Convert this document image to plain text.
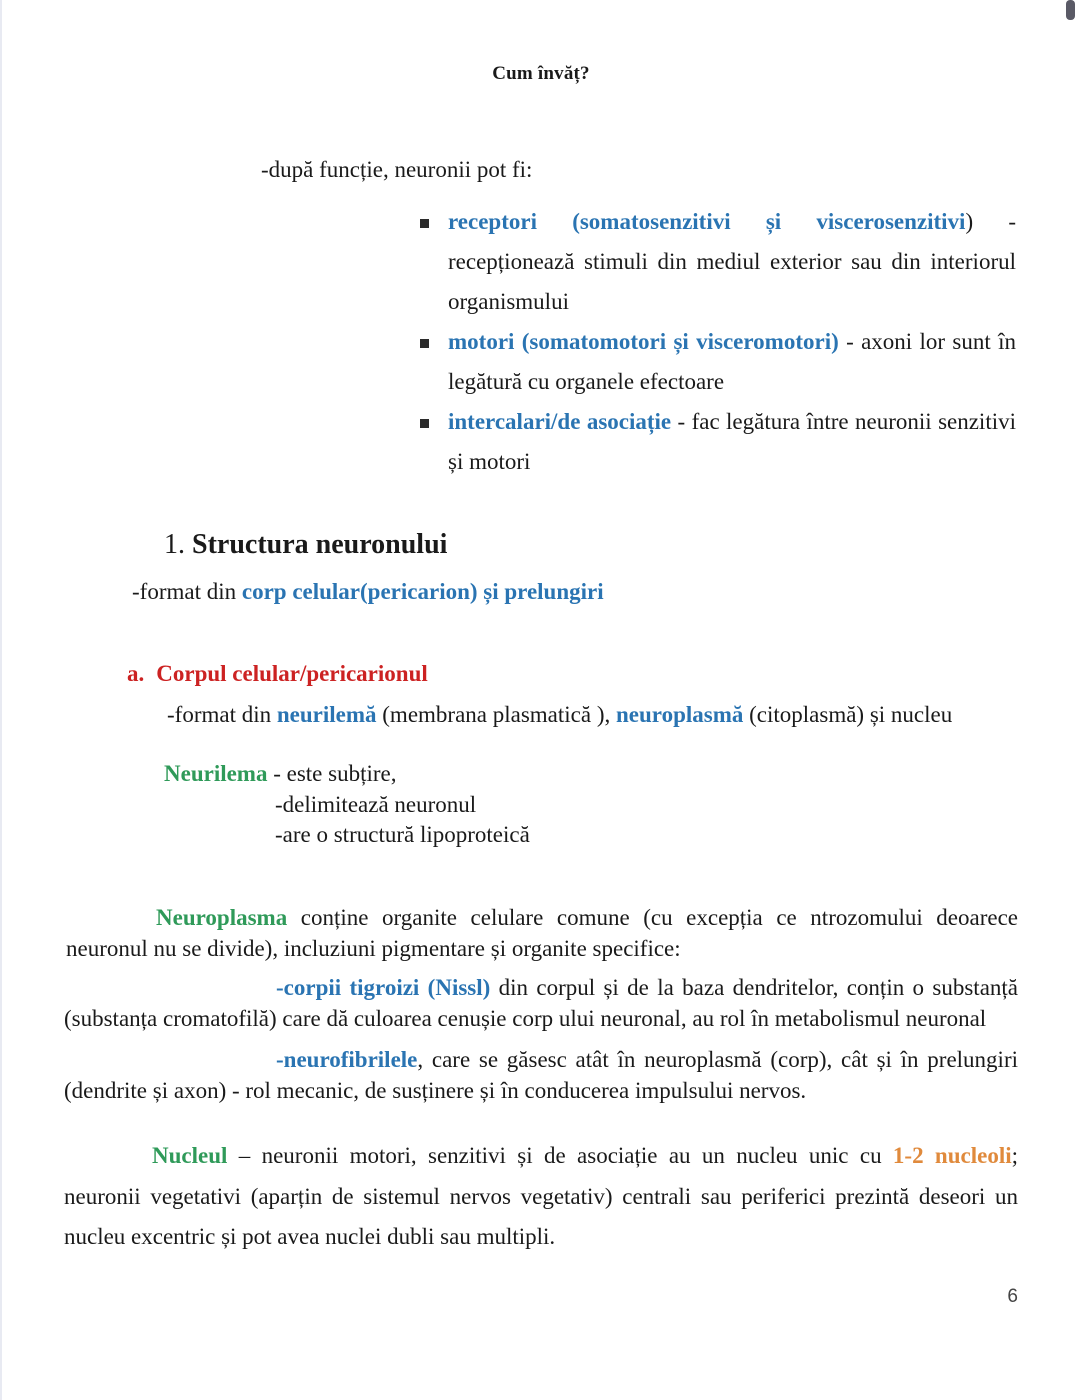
Cum învăț?

-după funcție, neuronii pot fi:

receptori (somatosenzitivi și viscerosenzitivi) - recepționează stimuli din mediul exterior sau din interiorul organismului
motori (somatomotori și visceromotori) - axoni lor sunt în legătură cu organele efectoare
intercalari/de asociație - fac legătura între neuronii senzitivi și motori
1. Structura neuronului

-format din corp celular(pericarion) și prelungiri

a. Corpul celular/pericarionul

-format din neurilemă (membrana plasmatică ), neuroplasmă (citoplasmă) și nucleu

Neurilema - este subțire,
-delimitează neuronul
-are o structură lipoproteică

Neuroplasma conține organite celulare comune (cu excepția ce ntrozomului deoarece neuronul nu se divide), incluziuni pigmentare și organite specifice:

-corpii tigroizi (Nissl) din corpul și de la baza dendritelor, conțin o substanță (substanța cromatofilă) care dă culoarea cenușie corp ului neuronal, au rol în metabolismul neuronal

-neurofibrilele, care se găsesc atât în neuroplasmă (corp), cât și în prelungiri (dendrite și axon) - rol mecanic, de susținere și în conducerea impulsului nervos.

Nucleul – neuronii motori, senzitivi și de asociație au un nucleu unic cu 1-2 nucleoli; neuronii vegetativi (aparțin de sistemul nervos vegetativ) centrali sau periferici prezintă deseori un nucleu excentric și pot avea nuclei dubli sau multipli.

6
